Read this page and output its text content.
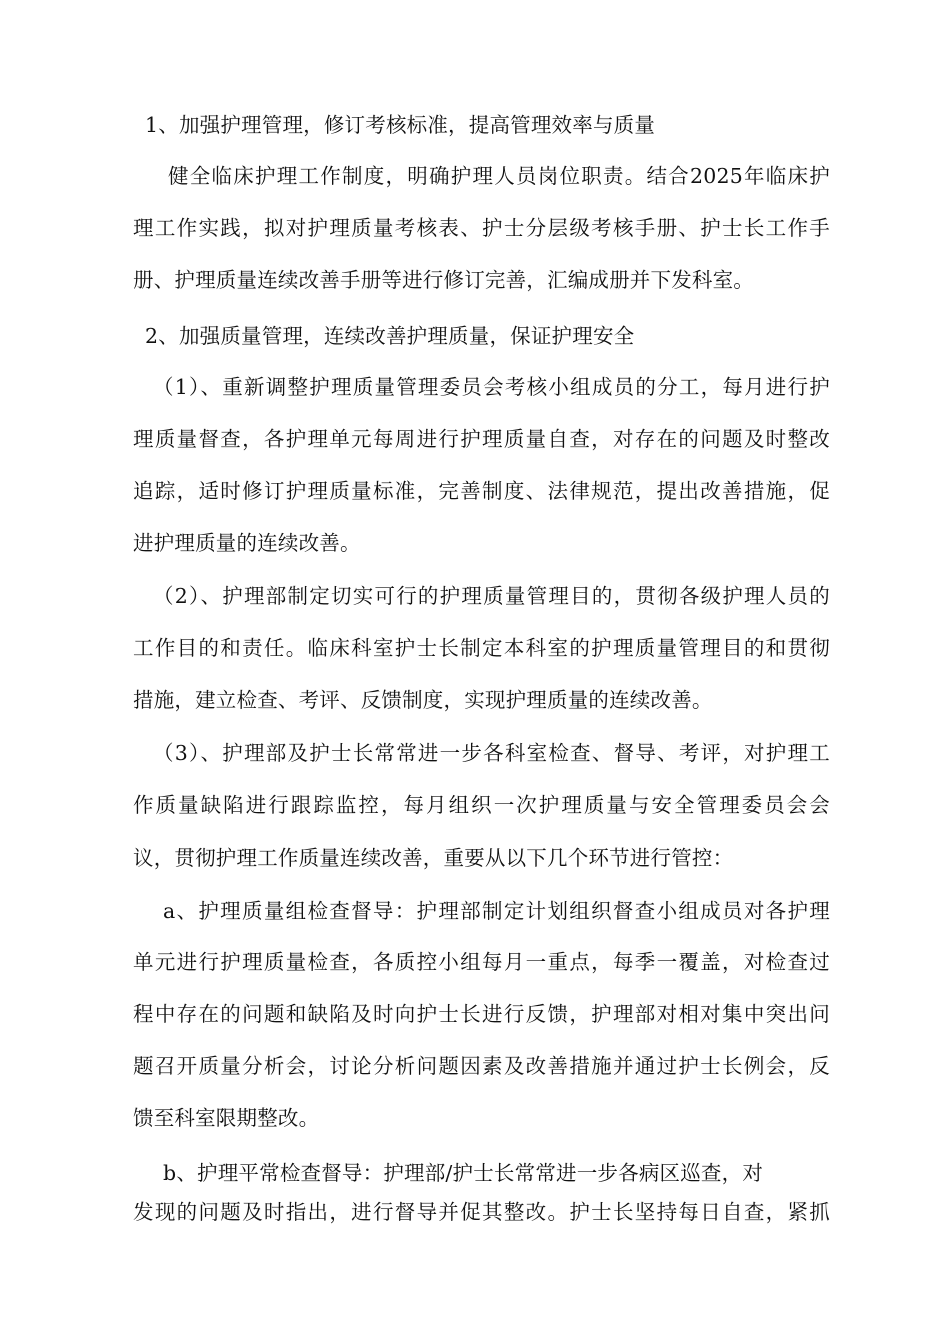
1、加强护理管理，修订考核标准，提高管理效率与质量
健全临床护理工作制度，明确护理人员岗位职责。结合2025年临床护
理工作实践，拟对护理质量考核表、护士分层级考核手册、护士长工作手
册、护理质量连续改善手册等进行修订完善，汇编成册并下发科室。
2、加强质量管理，连续改善护理质量，保证护理安全
（1）、重新调整护理质量管理委员会考核小组成员的分工，每月进行护
理质量督查，各护理单元每周进行护理质量自查，对存在的问题及时整改
追踪，适时修订护理质量标准，完善制度、法律规范，提出改善措施，促
进护理质量的连续改善。
（2）、护理部制定切实可行的护理质量管理目的，贯彻各级护理人员的
工作目的和责任。临床科室护士长制定本科室的护理质量管理目的和贯彻
措施，建立检查、考评、反馈制度，实现护理质量的连续改善。
（3）、护理部及护士长常常进一步各科室检查、督导、考评，对护理工
作质量缺陷进行跟踪监控，每月组织一次护理质量与安全管理委员会会
议，贯彻护理工作质量连续改善，重要从以下几个环节进行管控：
a、护理质量组检查督导：护理部制定计划组织督查小组成员对各护理
单元进行护理质量检查，各质控小组每月一重点，每季一覆盖，对检查过
程中存在的问题和缺陷及时向护士长进行反馈，护理部对相对集中突出问
题召开质量分析会，讨论分析问题因素及改善措施并通过护士长例会，反
馈至科室限期整改。
b、护理平常检查督导：护理部/护士长常常进一步各病区巡查，对
发现的问题及时指出，进行督导并促其整改。护士长坚持每日自查，紧抓
